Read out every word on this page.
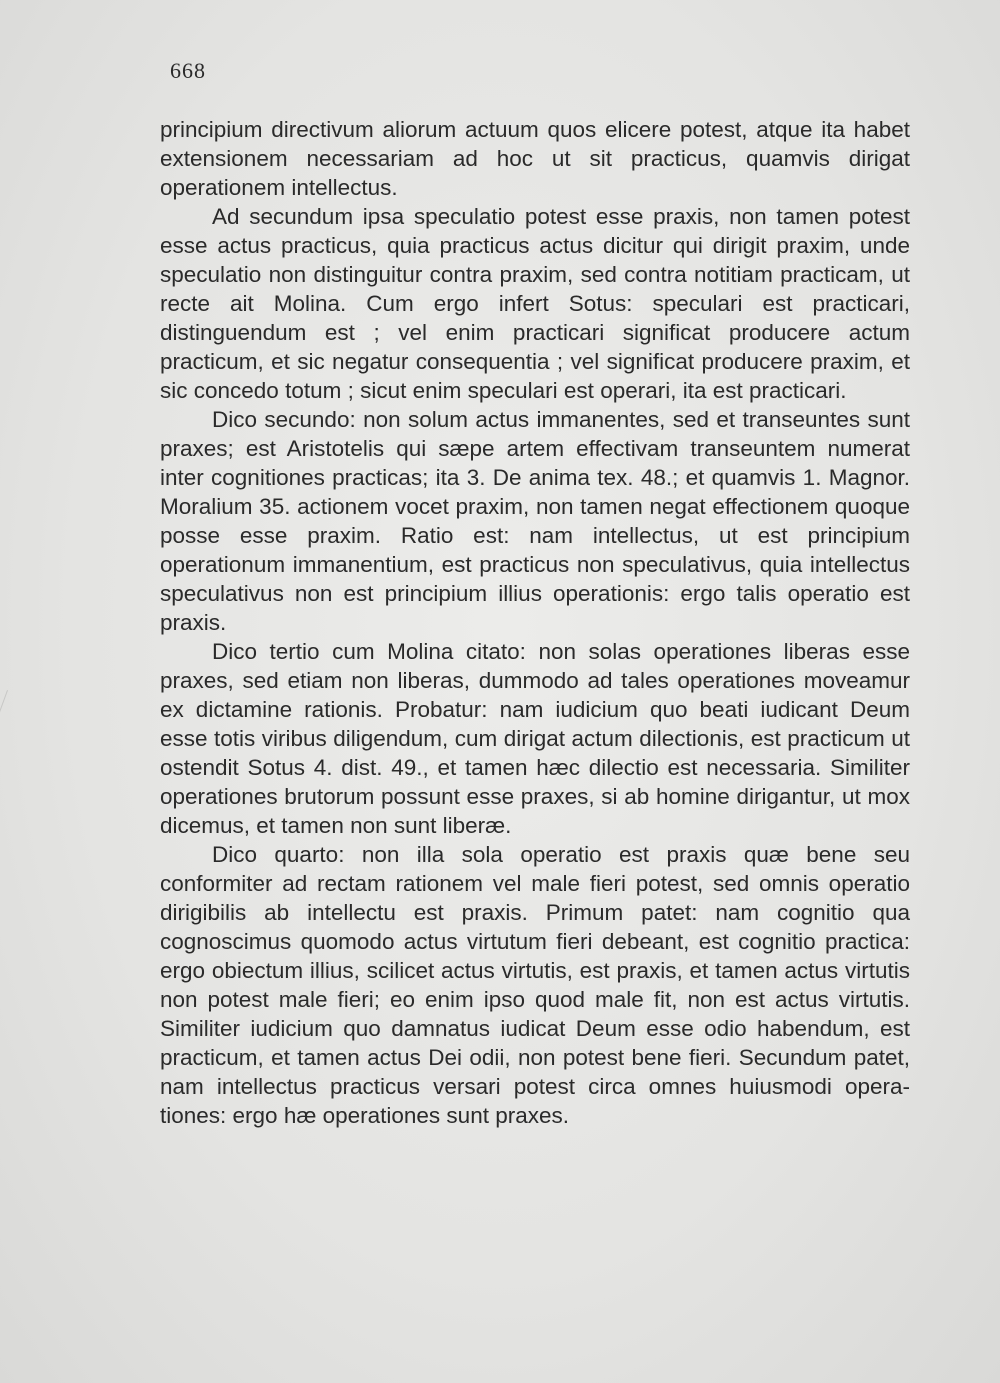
668

principium directivum aliorum actuum quos elicere potest, atque ita habet extensionem necessariam ad hoc ut sit practicus, quamvis dirigat operationem intellectus.

Ad secundum ipsa speculatio potest esse praxis, non tamen potest esse actus practicus, quia practicus actus dicitur qui dirigit praxim, unde speculatio non distinguitur contra praxim, sed contra notitiam practicam, ut recte ait Molina. Cum ergo infert Sotus: speculari est practicari, distinguendum est ; vel enim practicari significat producere actum practicum, et sic negatur consequentia ; vel significat producere praxim, et sic concedo totum ; sicut enim speculari est operari, ita est practicari.

Dico secundo: non solum actus immanentes, sed et transeuntes sunt praxes; est Aristotelis qui sæpe artem effectivam transeuntem numerat inter cognitiones practicas; ita 3. De anima tex. 48.; et quamvis 1. Magnor. Moralium 35. actionem vocet praxim, non tamen negat effectionem quoque posse esse praxim. Ratio est: nam intellectus, ut est principium operationum immanentium, est practicus non speculativus, quia intellectus speculativus non est principium illius operationis: ergo talis operatio est praxis.

Dico tertio cum Molina citato: non solas operationes liberas esse praxes, sed etiam non liberas, dummodo ad tales operationes moveamur ex dictamine rationis. Probatur: nam iudicium quo beati iudicant Deum esse totis viribus diligendum, cum dirigat actum dilectionis, est practicum ut ostendit Sotus 4. dist. 49., et tamen hæc dilectio est necessaria. Similiter operationes brutorum possunt esse praxes, si ab homine dirigantur, ut mox dicemus, et tamen non sunt liberæ.

Dico quarto: non illa sola operatio est praxis quæ bene seu conformiter ad rectam rationem vel male fieri potest, sed omnis operatio dirigibilis ab intellectu est praxis. Primum patet: nam cognitio qua cognoscimus quomodo actus virtutum fieri debeant, est cognitio practica: ergo obiectum illius, scilicet actus virtutis, est praxis, et tamen actus virtutis non potest male fieri; eo enim ipso quod male fit, non est actus virtutis. Similiter iudicium quo damnatus iudicat Deum esse odio habendum, est practicum, et tamen actus Dei odii, non potest bene fieri. Secundum patet, nam intellectus practicus versari potest circa omnes huiusmodi operationes: ergo hæ operationes sunt praxes.
